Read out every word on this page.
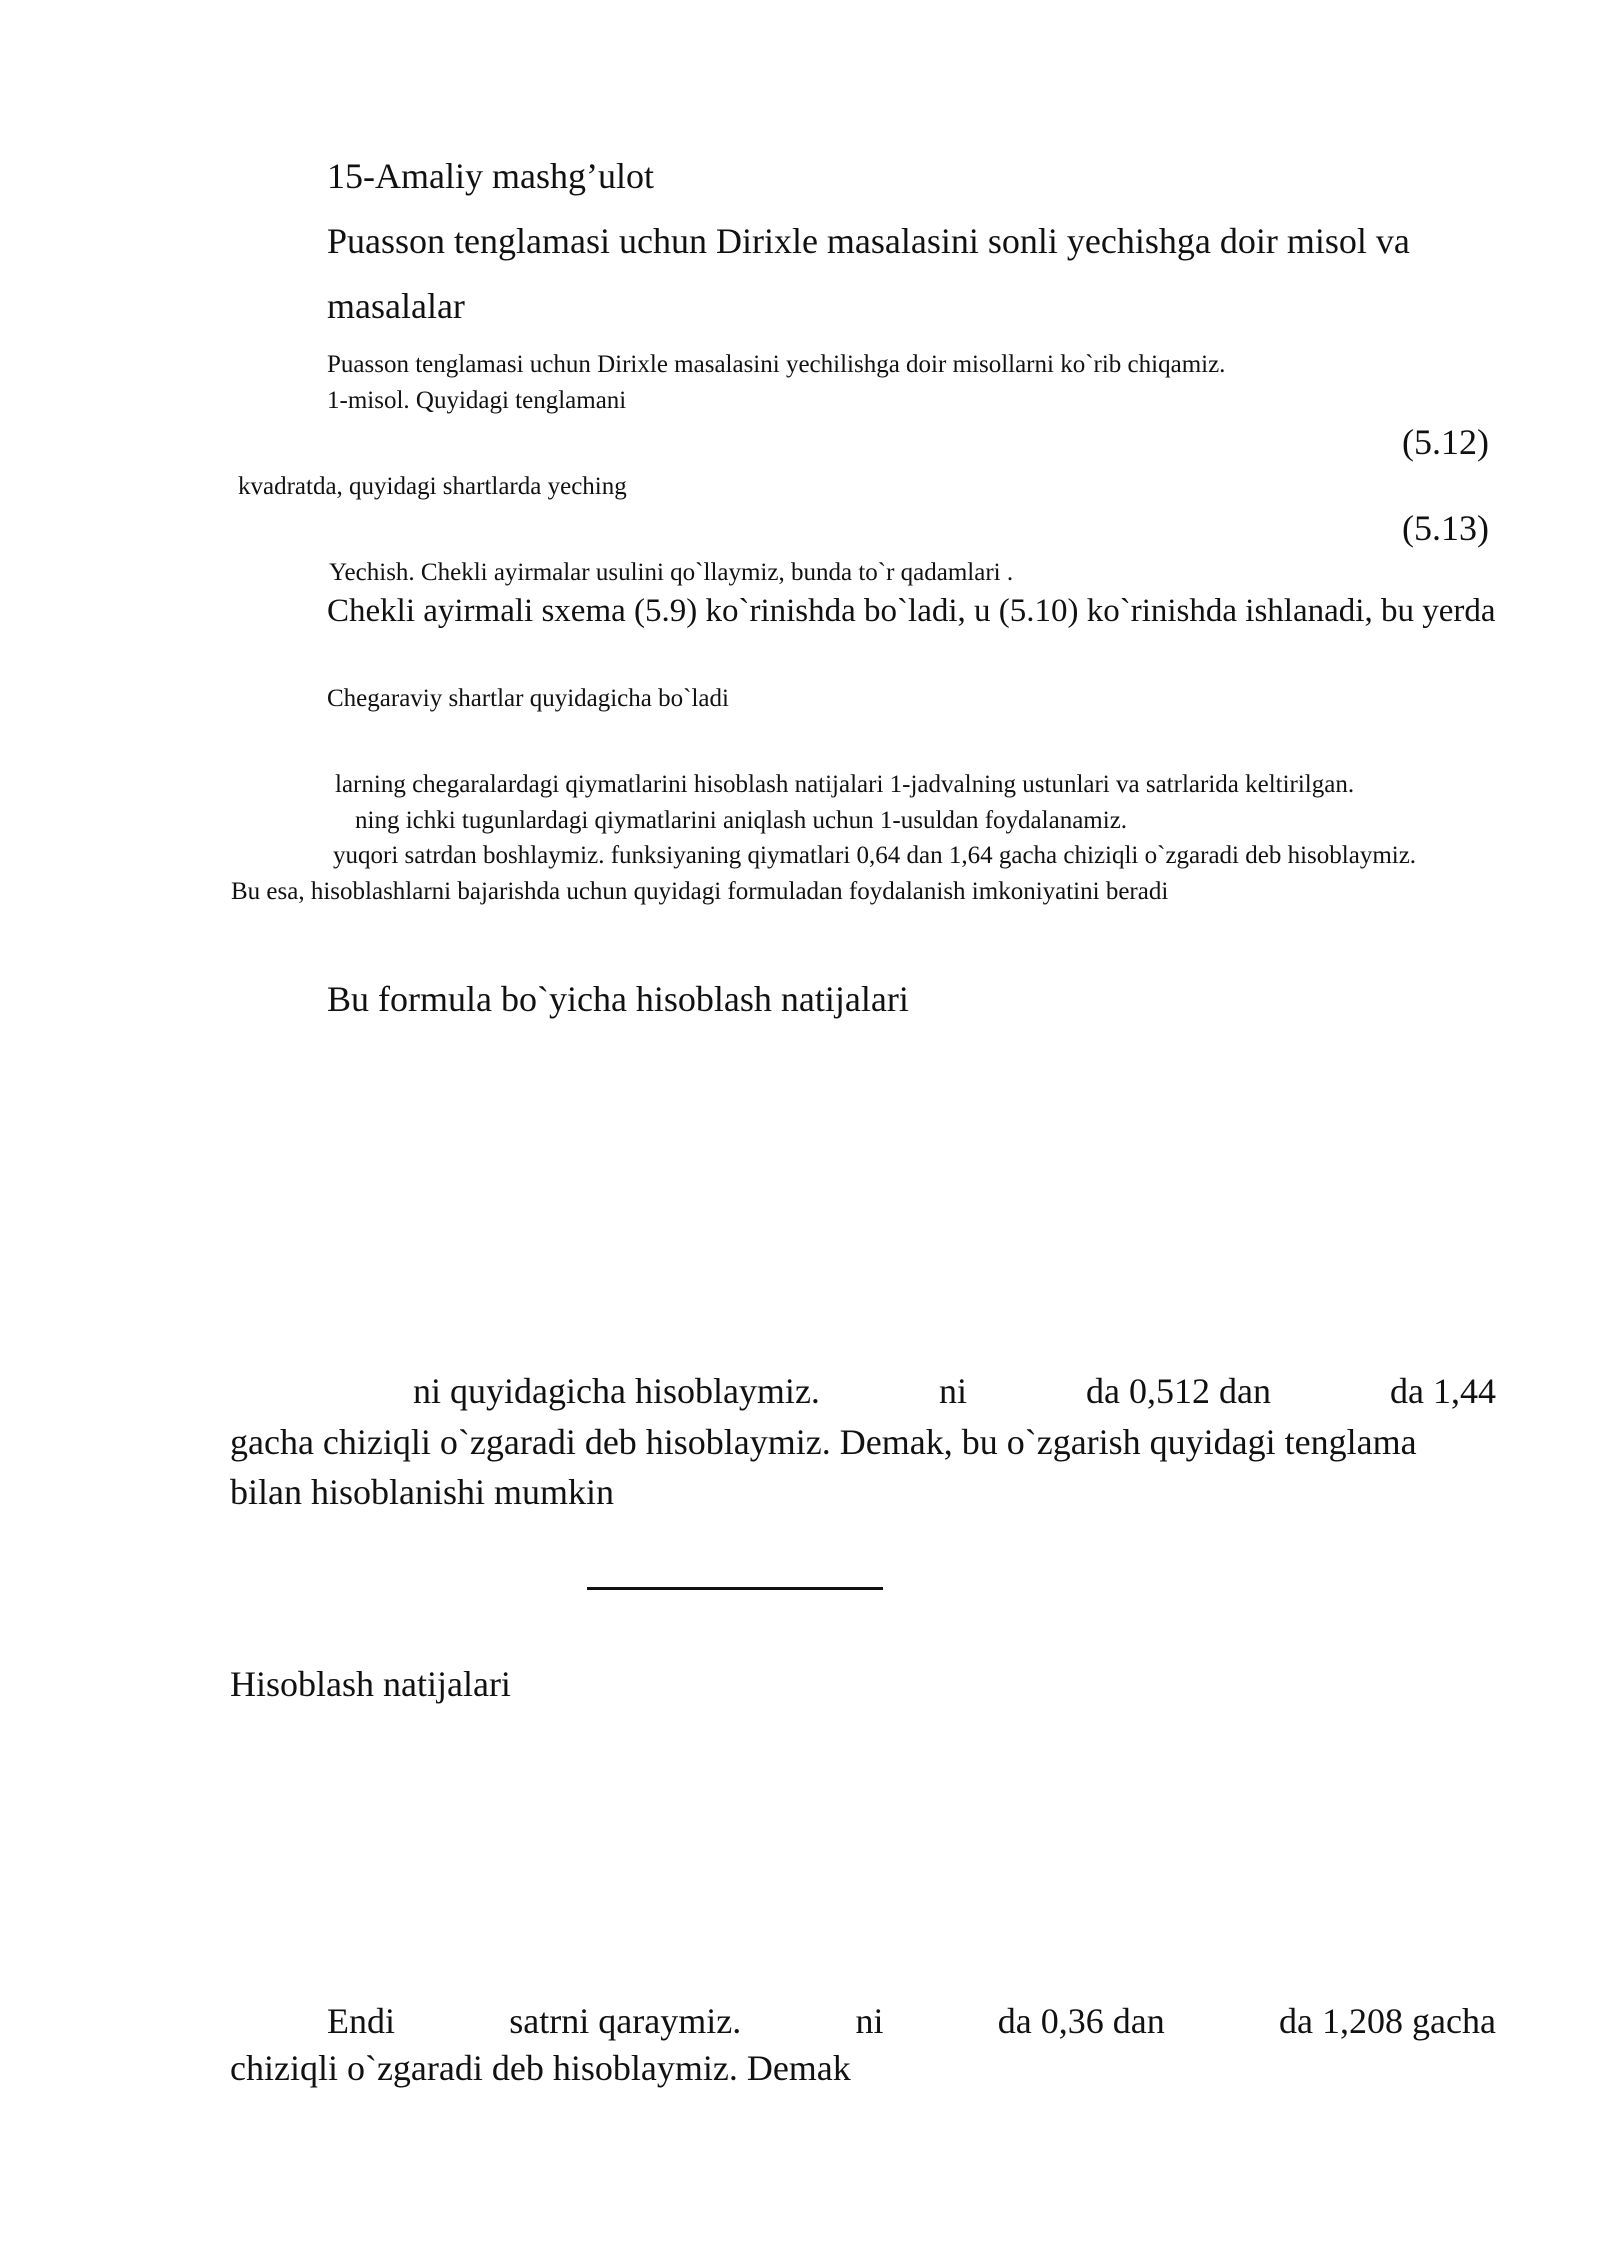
15-Amaliy mashg’ulot
Puasson tenglamasi uchun Dirixle masalasini sonli yechishga doir misol va
masalalar
Puasson tenglamasi uchun Dirixle masalasini yechilishga doir misollarni ko`rib chiqamiz.
1-misol. Quyidagi tenglamani
(5.12)
kvadratda, quyidagi shartlarda yeching
(5.13)
Yechish. Chekli ayirmalar usulini qo`llaymiz, bunda to`r qadamlari .
Chekli ayirmali sxema (5.9) ko`rinishda bo`ladi, u (5.10) ko`rinishda ishlanadi, bu yerda
Chegaraviy shartlar quyidagicha bo`ladi
larning chegaralardagi qiymatlarini hisoblash natijalari 1-jadvalning ustunlari va satrlarida keltirilgan.
ning ichki tugunlardagi qiymatlarini aniqlash uchun 1-usuldan foydalanamiz.
yuqori satrdan boshlaymiz. funksiyaning qiymatlari 0,64 dan 1,64 gacha chiziqli o`zgaradi deb hisoblaymiz.
Bu esa, hisoblashlarni bajarishda uchun quyidagi formuladan foydalanish imkoniyatini beradi
Bu formula bo`yicha hisoblash natijalari
ni quyidagicha hisoblaymiz.	ni	da 0,512 dan	da 1,44
gacha chiziqli o`zgaradi deb hisoblaymiz. Demak, bu o`zgarish quyidagi tenglama
bilan hisoblanishi mumkin
Hisoblash natijalari
Endi	satrni qaraymiz.	ni	da 0,36 dan	da 1,208 gacha
chiziqli o`zgaradi deb hisoblaymiz. Demak
